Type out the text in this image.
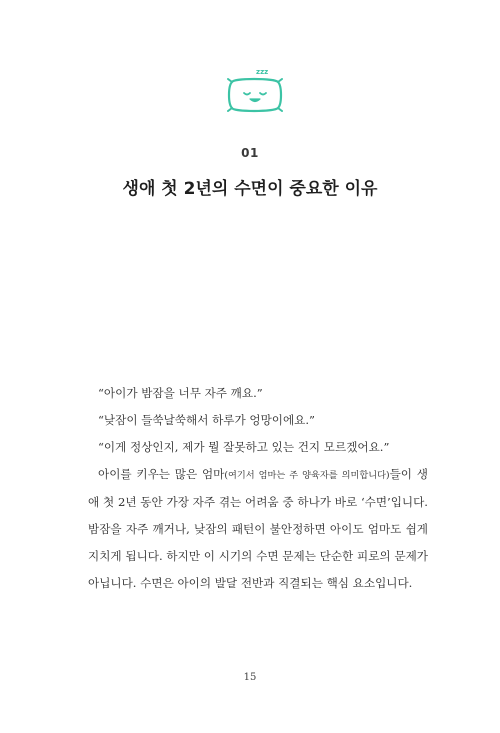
zzz
01
생애 첫 2년의 수면이 중요한 이유
“아이가 밤잠을 너무 자주 깨요.”
“낮잠이 들쑥날쑥해서 하루가 엉망이에요.”
“이게 정상인지, 제가 뭘 잘못하고 있는 건지 모르겠어요.”

아이를 키우는 많은 엄마(여기서 엄마는 주 양육자를 의미합니다)들이 생애 첫 2년 동안 가장 자주 겪는 어려움 중 하나가 바로 ‘수면’입니다. 밤잠을 자주 깨거나, 낮잠의 패턴이 불안정하면 아이도 엄마도 쉽게 지치게 됩니다. 하지만 이 시기의 수면 문제는 단순한 피로의 문제가 아닙니다. 수면은 아이의 발달 전반과 직결되는 핵심 요소입니다.

15
